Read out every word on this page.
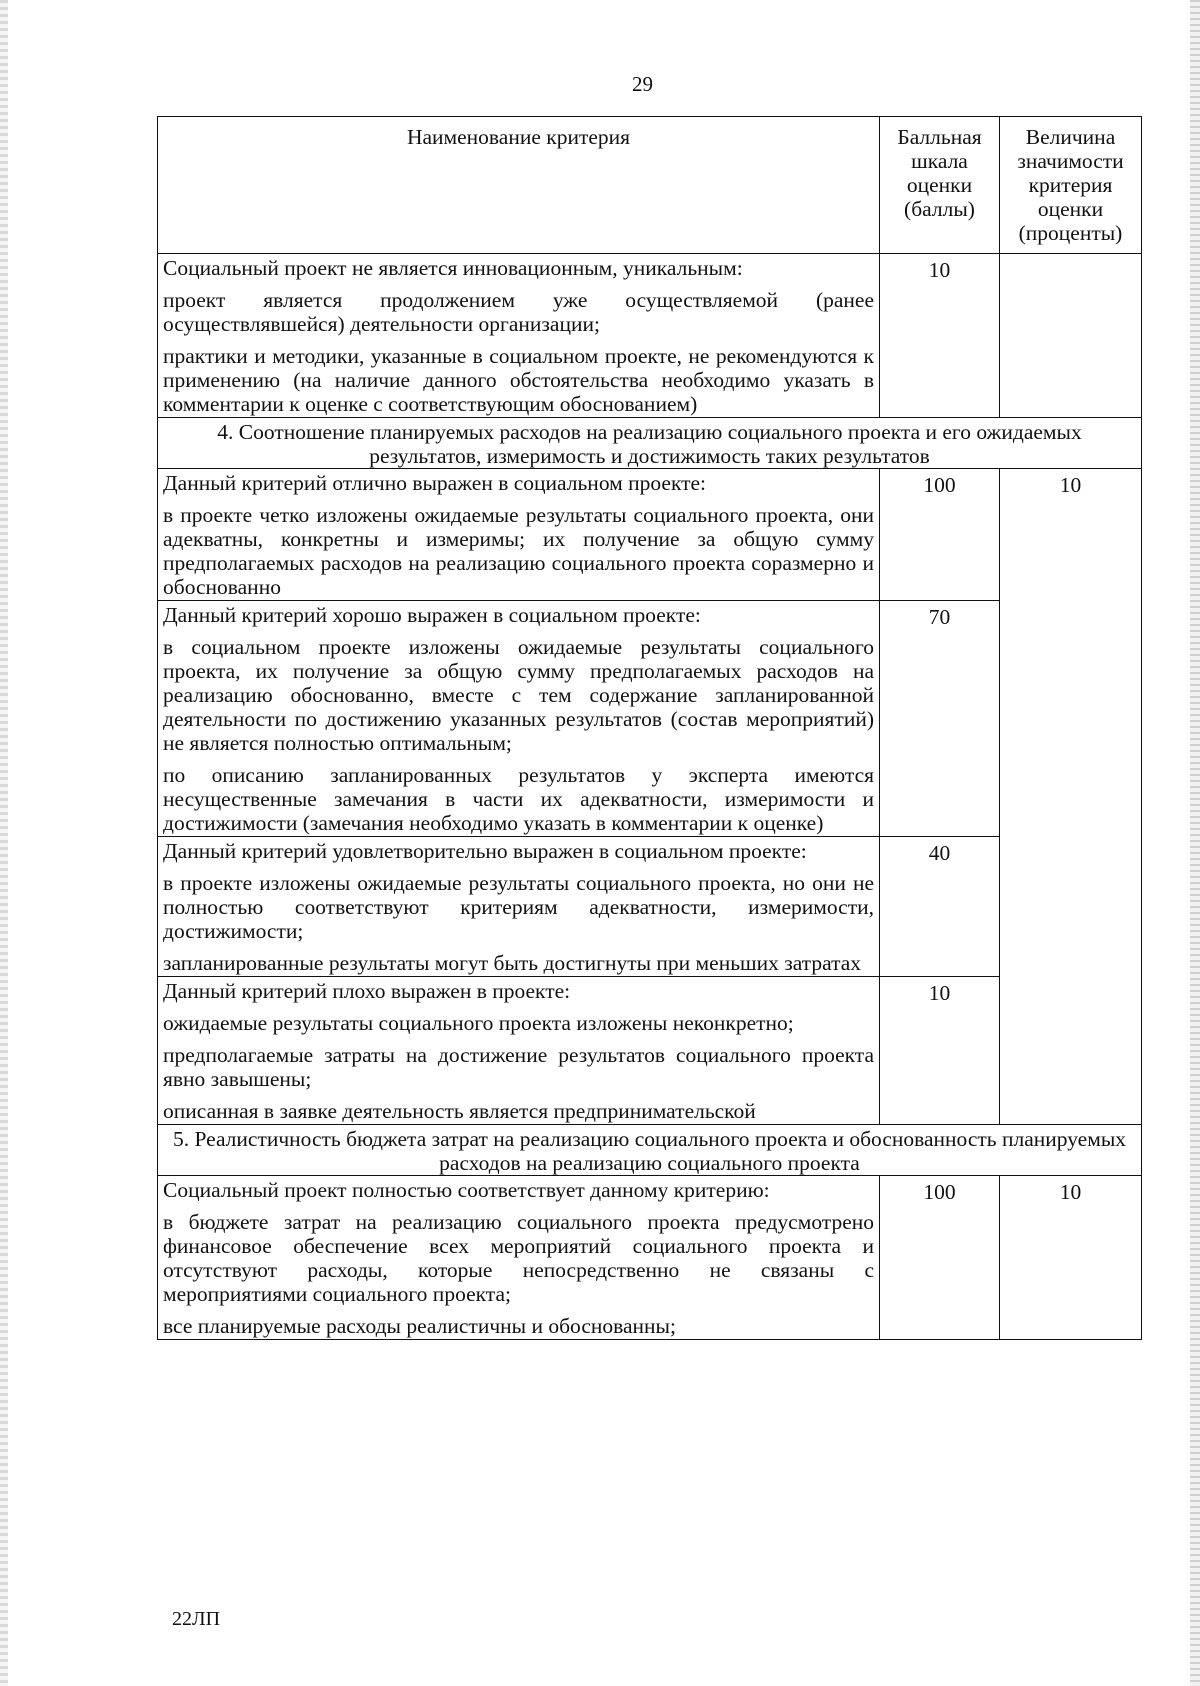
29
Наименование критерия	Балльная шкала оценки (баллы)	Величина значимости критерия оценки (проценты)

Социальный проект не является инновационным, уникальным:
проект является продолжением уже осуществляемой (ранее осуществлявшейся) деятельности организации;
практики и методики, указанные в социальном проекте, не рекомендуются к применению (на наличие данного обстоятельства необходимо указать в комментарии к оценке с соответствующим обоснованием)	10	
4. Соотношение планируемых расходов на реализацию социального проекта и его ожидаемых результатов, измеримость и достижимость таких результатов		

Данный критерий отлично выражен в социальном проекте:
в проекте четко изложены ожидаемые результаты социального проекта, они адекватны, конкретны и измеримы; их получение за общую сумму предполагаемых расходов на реализацию социального проекта соразмерно и обоснованно	100	10

Данный критерий хорошо выражен в социальном проекте:
в социальном проекте изложены ожидаемые результаты социального проекта, их получение за общую сумму предполагаемых расходов на реализацию обоснованно, вместе с тем содержание запланированной деятельности по достижению указанных результатов (состав мероприятий) не является полностью оптимальным;
по описанию запланированных результатов у эксперта имеются несущественные замечания в части их адекватности, измеримости и достижимости (замечания необходимо указать в комментарии к оценке)	70	

Данный критерий удовлетворительно выражен в социальном проекте:
в проекте изложены ожидаемые результаты социального проекта, но они не полностью соответствуют критериям адекватности, измеримости, достижимости;
запланированные результаты могут быть достигнуты при меньших затратах	40	

Данный критерий плохо выражен в проекте:
ожидаемые результаты социального проекта изложены неконкретно;
предполагаемые затраты на достижение результатов социального проекта явно завышены;
описанная в заявке деятельность является предпринимательской	10	
5. Реалистичность бюджета затрат на реализацию социального проекта и обоснованность планируемых расходов на реализацию социального проекта		

Социальный проект полностью соответствует данному критерию:
в бюджете затрат на реализацию социального проекта предусмотрено финансовое обеспечение всех мероприятий социального проекта и отсутствуют расходы, которые непосредственно не связаны с мероприятиями социального проекта;
все планируемые расходы реалистичны и обоснованны;	100	10
22ЛП
